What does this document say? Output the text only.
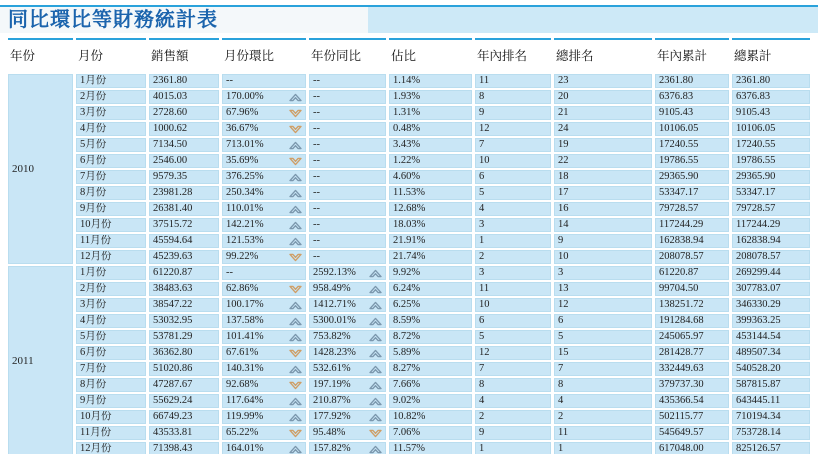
同比環比等財務統計表
年份	月份	銷售額	月份環比	年份同比	佔比	年內排名	總排名	年內累計	總累計
2010	1月份	2361.80	--	--	1.14%	11	23	2361.80	2361.80
	2月份	4015.03	170.00%	--	1.93%	8	20	6376.83	6376.83
	3月份	2728.60	67.96%	--	1.31%	9	21	9105.43	9105.43
	4月份	1000.62	36.67%	--	0.48%	12	24	10106.05	10106.05
	5月份	7134.50	713.01%	--	3.43%	7	19	17240.55	17240.55
	6月份	2546.00	35.69%	--	1.22%	10	22	19786.55	19786.55
	7月份	9579.35	376.25%	--	4.60%	6	18	29365.90	29365.90
	8月份	23981.28	250.34%	--	11.53%	5	17	53347.17	53347.17
	9月份	26381.40	110.01%	--	12.68%	4	16	79728.57	79728.57
	10月份	37515.72	142.21%	--	18.03%	3	14	117244.29	117244.29
	11月份	45594.64	121.53%	--	21.91%	1	9	162838.94	162838.94
	12月份	45239.63	99.22%	--	21.74%	2	10	208078.57	208078.57
2011	1月份	61220.87	--	2592.13%	9.92%	3	3	61220.87	269299.44
	2月份	38483.63	62.86%	958.49%	6.24%	11	13	99704.50	307783.07
	3月份	38547.22	100.17%	1412.71%	6.25%	10	12	138251.72	346330.29
	4月份	53032.95	137.58%	5300.01%	8.59%	6	6	191284.68	399363.25
	5月份	53781.29	101.41%	753.82%	8.72%	5	5	245065.97	453144.54
	6月份	36362.80	67.61%	1428.23%	5.89%	12	15	281428.77	489507.34
	7月份	51020.86	140.31%	532.61%	8.27%	7	7	332449.63	540528.20
	8月份	47287.67	92.68%	197.19%	7.66%	8	8	379737.30	587815.87
	9月份	55629.24	117.64%	210.87%	9.02%	4	4	435366.54	643445.11
	10月份	66749.23	119.99%	177.92%	10.82%	2	2	502115.77	710194.34
	11月份	43533.81	65.22%	95.48%	7.06%	9	11	545649.57	753728.14
	12月份	71398.43	164.01%	157.82%	11.57%	1	1	617048.00	825126.57
